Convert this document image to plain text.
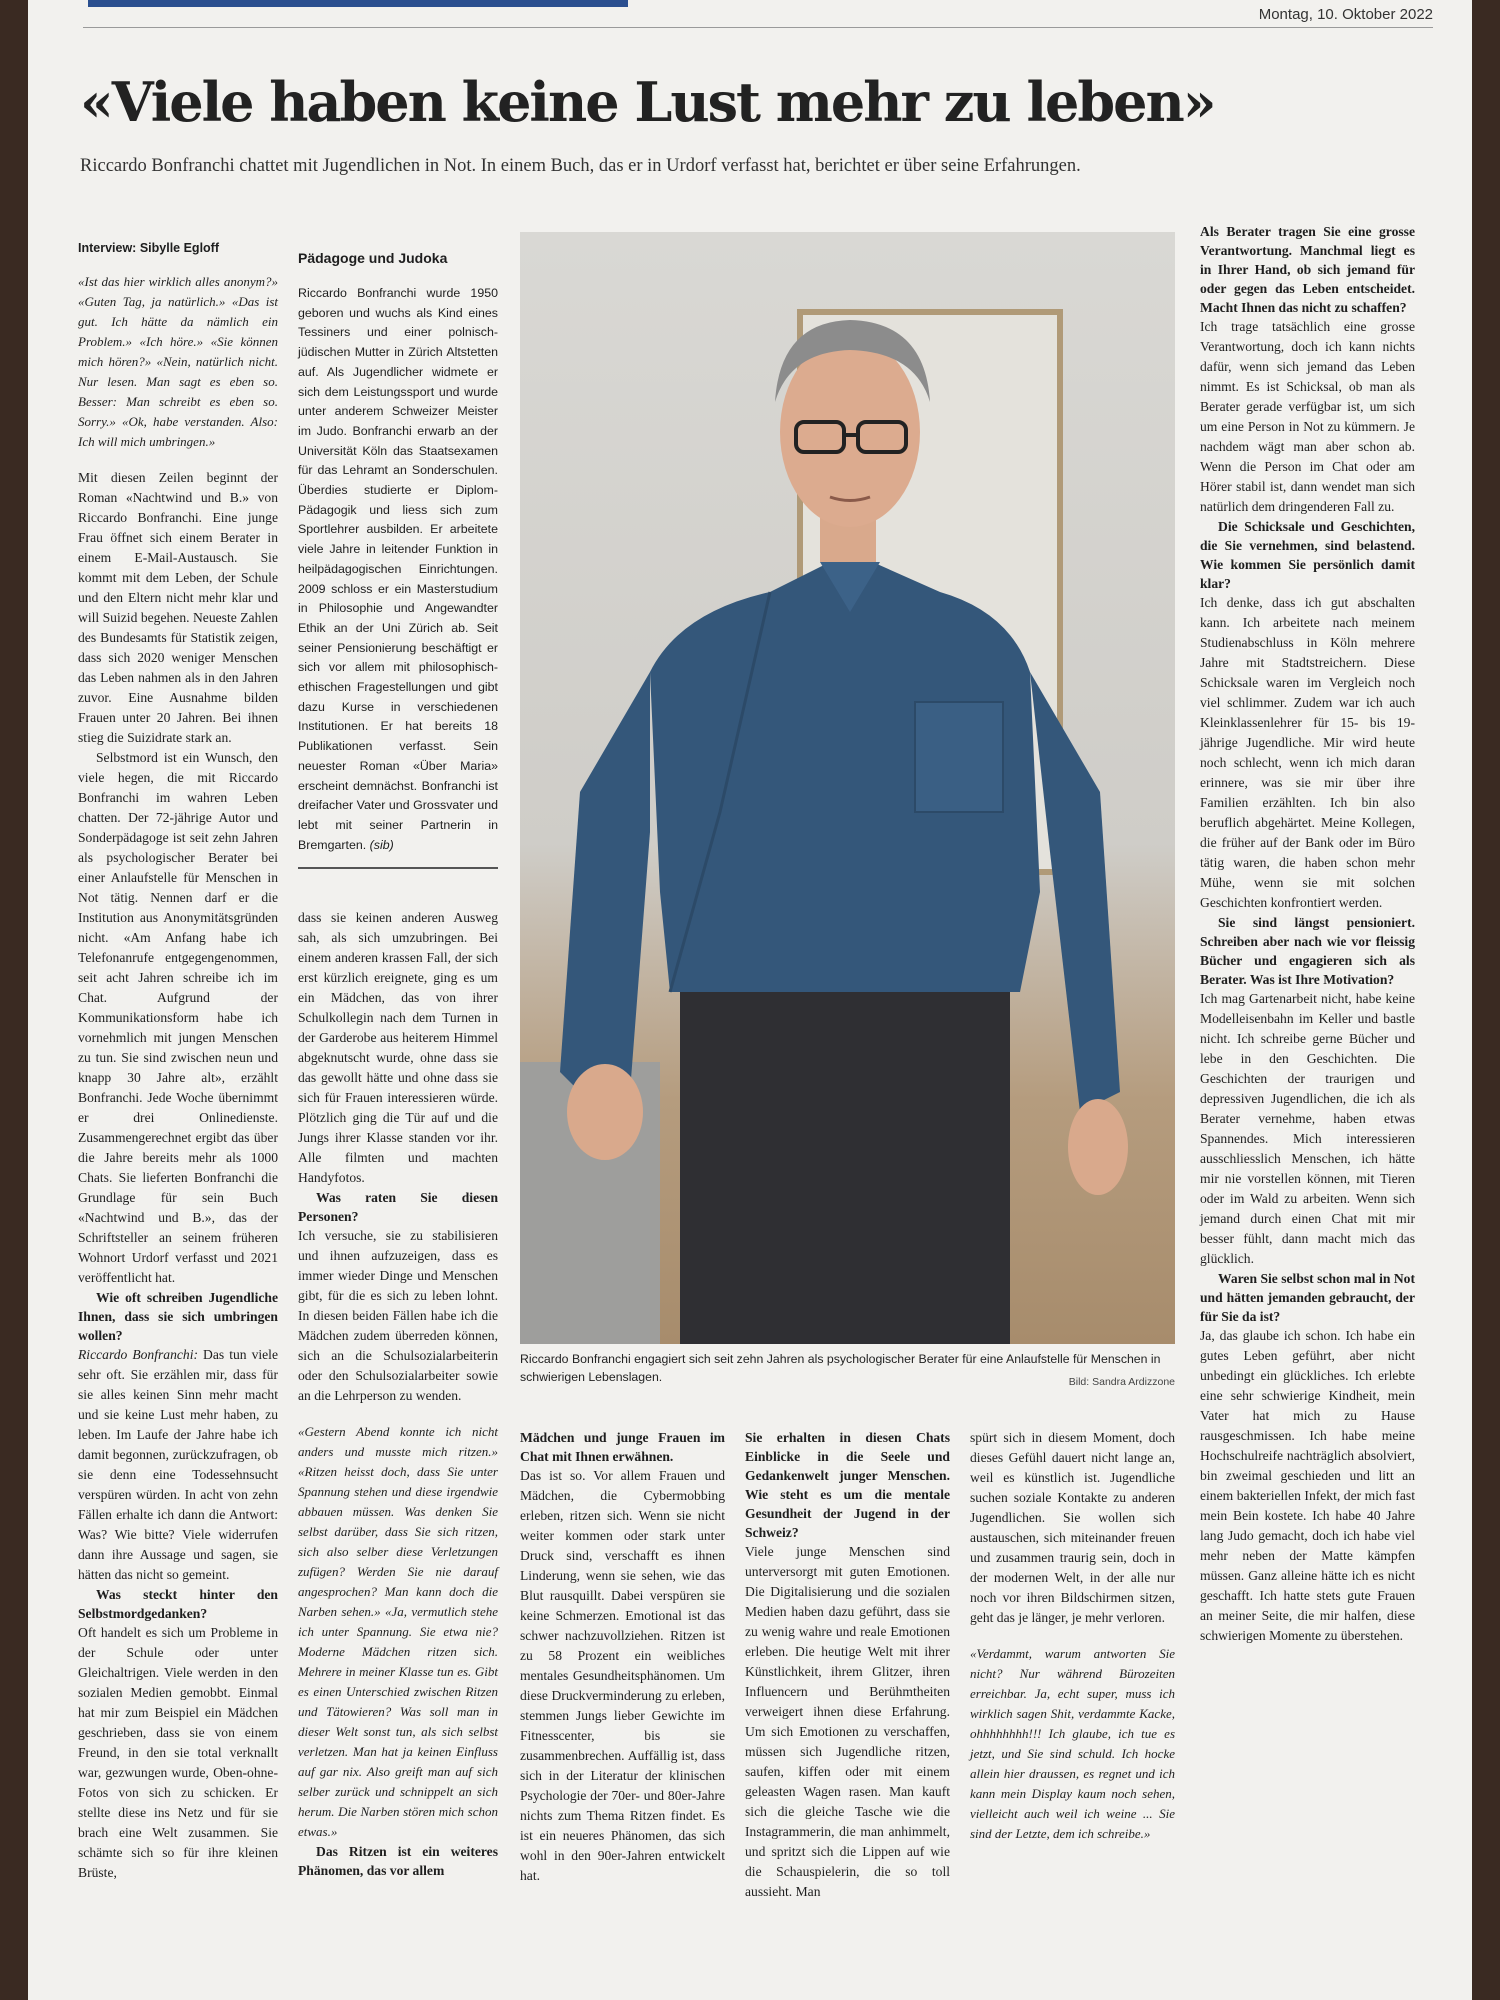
Montag, 10. Oktober 2022
«Viele haben keine Lust mehr zu leben»
Riccardo Bonfranchi chattet mit Jugendlichen in Not. In einem Buch, das er in Urdorf verfasst hat, berichtet er über seine Erfahrungen.
Interview: Sibylle Egloff

«Ist das hier wirklich alles anonym?» «Guten Tag, ja natürlich.» «Das ist gut. Ich hätte da nämlich ein Problem.» «Ich höre.» «Sie können mich hören?» «Nein, natürlich nicht. Nur lesen. Man sagt es eben so. Besser: Man schreibt es eben so. Sorry.» «Ok, habe verstanden. Also: Ich will mich umbringen.»

Mit diesen Zeilen beginnt der Roman «Nachtwind und B.» von Riccardo Bonfranchi. Eine junge Frau öffnet sich einem Berater in einem E-Mail-Austausch. Sie kommt mit dem Leben, der Schule und den Eltern nicht mehr klar und will Suizid begehen. Neueste Zahlen des Bundesamts für Statistik zeigen, dass sich 2020 weniger Menschen das Leben nahmen als in den Jahren zuvor. Eine Ausnahme bilden Frauen unter 20 Jahren. Bei ihnen stieg die Suizidrate stark an.

Selbstmord ist ein Wunsch, den viele hegen, die mit Riccardo Bonfranchi im wahren Leben chatten. Der 72-jährige Autor und Sonderpädagoge ist seit zehn Jahren als psychologischer Berater bei einer Anlaufstelle für Menschen in Not tätig. Nennen darf er die Institution aus Anonymitätsgründen nicht. «Am Anfang habe ich Telefonanrufe entgegengenommen, seit acht Jahren schreibe ich im Chat. Aufgrund der Kommunikationsform habe ich vornehmlich mit jungen Menschen zu tun. Sie sind zwischen neun und knapp 30 Jahre alt», erzählt Bonfranchi. Jede Woche übernimmt er drei Onlinedienste. Zusammengerechnet ergibt das über die Jahre bereits mehr als 1000 Chats. Sie lieferten Bonfranchi die Grundlage für sein Buch «Nachtwind und B.», das der Schriftsteller an seinem früheren Wohnort Urdorf verfasst und 2021 veröffentlicht hat.

Wie oft schreiben Jugendliche Ihnen, dass sie sich umbringen wollen?

Riccardo Bonfranchi: Das tun viele sehr oft. Sie erzählen mir, dass für sie alles keinen Sinn mehr macht und sie keine Lust mehr haben, zu leben. Im Laufe der Jahre habe ich damit begonnen, zurückzufragen, ob sie denn eine Todessehnsucht verspüren würden. In acht von zehn Fällen erhalte ich dann die Antwort: Was? Wie bitte? Viele widerrufen dann ihre Aussage und sagen, sie hätten das nicht so gemeint.

Was steckt hinter den Selbstmordgedanken?

Oft handelt es sich um Probleme in der Schule oder unter Gleichaltrigen. Viele werden in den sozialen Medien gemobbt. Einmal hat mir zum Beispiel ein Mädchen geschrieben, dass sie von einem Freund, in den sie total verknallt war, gezwungen wurde, Oben-ohne-Fotos von sich zu schicken. Er stellte diese ins Netz und für sie brach eine Welt zusammen. Sie schämte sich so für ihre kleinen Brüste,

Pädagoge und Judoka
Riccardo Bonfranchi wurde 1950 geboren und wuchs als Kind eines Tessiners und einer polnisch-jüdischen Mutter in Zürich Altstetten auf. Als Jugendlicher widmete er sich dem Leistungssport und wurde unter anderem Schweizer Meister im Judo. Bonfranchi erwarb an der Universität Köln das Staatsexamen für das Lehramt an Sonderschulen. Überdies studierte er Diplom-Pädagogik und liess sich zum Sportlehrer ausbilden. Er arbeitete viele Jahre in leitender Funktion in heilpädagogischen Einrichtungen. 2009 schloss er ein Masterstudium in Philosophie und Angewandter Ethik an der Uni Zürich ab. Seit seiner Pensionierung beschäftigt er sich vor allem mit philosophisch-ethischen Fragestellungen und gibt dazu Kurse in verschiedenen Institutionen. Er hat bereits 18 Publikationen verfasst. Sein neuester Roman «Über Maria» erscheint demnächst. Bonfranchi ist dreifacher Vater und Grossvater und lebt mit seiner Partnerin in Bremgarten. (sib)

dass sie keinen anderen Ausweg sah, als sich umzubringen. Bei einem anderen krassen Fall, der sich erst kürzlich ereignete, ging es um ein Mädchen, das von ihrer Schulkollegin nach dem Turnen in der Garderobe aus heiterem Himmel abgeknutscht wurde, ohne dass sie das gewollt hätte und ohne dass sie sich für Frauen interessieren würde. Plötzlich ging die Tür auf und die Jungs ihrer Klasse standen vor ihr. Alle filmten und machten Handyfotos.

Was raten Sie diesen Personen?

Ich versuche, sie zu stabilisieren und ihnen aufzuzeigen, dass es immer wieder Dinge und Menschen gibt, für die es sich zu leben lohnt. In diesen beiden Fällen habe ich die Mädchen zudem überreden können, sich an die Schulsozialarbeiterin oder den Schulsozialarbeiter sowie an die Lehrperson zu wenden.

«Gestern Abend konnte ich nicht anders und musste mich ritzen.» «Ritzen heisst doch, dass Sie unter Spannung stehen und diese irgendwie abbauen müssen. Was denken Sie selbst darüber, dass Sie sich ritzen, sich also selber diese Verletzungen zufügen? Werden Sie nie darauf angesprochen? Man kann doch die Narben sehen.» «Ja, vermutlich stehe ich unter Spannung. Sie etwa nie? Moderne Mädchen ritzen sich. Mehrere in meiner Klasse tun es. Gibt es einen Unterschied zwischen Ritzen und Tätowieren? Was soll man in dieser Welt sonst tun, als sich selbst verletzen. Man hat ja keinen Einfluss auf gar nix. Also greift man auf sich selber zurück und schnippelt an sich herum. Die Narben stören mich schon etwas.»

Das Ritzen ist ein weiteres Phänomen, das vor allem

Riccardo Bonfranchi engagiert sich seit zehn Jahren als psychologischer Berater für eine Anlaufstelle für Menschen in schwierigen Lebenslagen.	Bild: Sandra Ardizzone

Mädchen und junge Frauen im Chat mit Ihnen erwähnen.

Das ist so. Vor allem Frauen und Mädchen, die Cybermobbing erleben, ritzen sich. Wenn sie nicht weiter kommen oder stark unter Druck sind, verschafft es ihnen Linderung, wenn sie sehen, wie das Blut rausquillt. Dabei verspüren sie keine Schmerzen. Emotional ist das schwer nachzuvollziehen. Ritzen ist zu 58 Prozent ein weibliches mentales Gesundheitsphänomen. Um diese Druckverminderung zu erleben, stemmen Jungs lieber Gewichte im Fitnesscenter, bis sie zusammenbrechen. Auffällig ist, dass sich in der Literatur der klinischen Psychologie der 70er- und 80er-Jahre nichts zum Thema Ritzen findet. Es ist ein neueres Phänomen, das sich wohl in den 90er-Jahren entwickelt hat.

Sie erhalten in diesen Chats Einblicke in die Seele und Gedankenwelt junger Menschen. Wie steht es um die mentale Gesundheit der Jugend in der Schweiz?

Viele junge Menschen sind unterversorgt mit guten Emotionen. Die Digitalisierung und die sozialen Medien haben dazu geführt, dass sie zu wenig wahre und reale Emotionen erleben. Die heutige Welt mit ihrer Künstlichkeit, ihrem Glitzer, ihren Influencern und Berühmtheiten verweigert ihnen diese Erfahrung. Um sich Emotionen zu verschaffen, müssen sich Jugendliche ritzen, saufen, kiffen oder mit einem geleasten Wagen rasen. Man kauft sich die gleiche Tasche wie die Instagrammerin, die man anhimmelt, und spritzt sich die Lippen auf wie die Schauspielerin, die so toll aussieht. Man

spürt sich in diesem Moment, doch dieses Gefühl dauert nicht lange an, weil es künstlich ist. Jugendliche suchen soziale Kontakte zu anderen Jugendlichen. Sie wollen sich austauschen, sich miteinander freuen und zusammen traurig sein, doch in der modernen Welt, in der alle nur noch vor ihren Bildschirmen sitzen, geht das je länger, je mehr verloren.

«Verdammt, warum antworten Sie nicht? Nur während Bürozeiten erreichbar. Ja, echt super, muss ich wirklich sagen Shit, verdammte Kacke, ohhhhhhhh!!! Ich glaube, ich tue es jetzt, und Sie sind schuld. Ich hocke allein hier draussen, es regnet und ich kann mein Display kaum noch sehen, vielleicht auch weil ich weine ... Sie sind der Letzte, dem ich schreibe.»

Als Berater tragen Sie eine grosse Verantwortung. Manchmal liegt es in Ihrer Hand, ob sich jemand für oder gegen das Leben entscheidet. Macht Ihnen das nicht zu schaffen?

Ich trage tatsächlich eine grosse Verantwortung, doch ich kann nichts dafür, wenn sich jemand das Leben nimmt. Es ist Schicksal, ob man als Berater gerade verfügbar ist, um sich um eine Person in Not zu kümmern. Je nachdem wägt man aber schon ab. Wenn die Person im Chat oder am Hörer stabil ist, dann wendet man sich natürlich dem dringenderen Fall zu.

Die Schicksale und Geschichten, die Sie vernehmen, sind belastend. Wie kommen Sie persönlich damit klar?

Ich denke, dass ich gut abschalten kann. Ich arbeitete nach meinem Studienabschluss in Köln mehrere Jahre mit Stadtstreichern. Diese Schicksale waren im Vergleich noch viel schlimmer. Zudem war ich auch Kleinklassenlehrer für 15- bis 19-jährige Jugendliche. Mir wird heute noch schlecht, wenn ich mich daran erinnere, was sie mir über ihre Familien erzählten. Ich bin also beruflich abgehärtet. Meine Kollegen, die früher auf der Bank oder im Büro tätig waren, die haben schon mehr Mühe, wenn sie mit solchen Geschichten konfrontiert werden.

Sie sind längst pensioniert. Schreiben aber nach wie vor fleissig Bücher und engagieren sich als Berater. Was ist Ihre Motivation?

Ich mag Gartenarbeit nicht, habe keine Modelleisenbahn im Keller und bastle nicht. Ich schreibe gerne Bücher und lebe in den Geschichten. Die Geschichten der traurigen und depressiven Jugendlichen, die ich als Berater vernehme, haben etwas Spannendes. Mich interessieren ausschliesslich Menschen, ich hätte mir nie vorstellen können, mit Tieren oder im Wald zu arbeiten. Wenn sich jemand durch einen Chat mit mir besser fühlt, dann macht mich das glücklich.

Waren Sie selbst schon mal in Not und hätten jemanden gebraucht, der für Sie da ist?

Ja, das glaube ich schon. Ich habe ein gutes Leben geführt, aber nicht unbedingt ein glückliches. Ich erlebte eine sehr schwierige Kindheit, mein Vater hat mich zu Hause rausgeschmissen. Ich habe meine Hochschulreife nachträglich absolviert, bin zweimal geschieden und litt an einem bakteriellen Infekt, der mich fast mein Bein kostete. Ich habe 40 Jahre lang Judo gemacht, doch ich habe viel mehr neben der Matte kämpfen müssen. Ganz alleine hätte ich es nicht geschafft. Ich hatte stets gute Frauen an meiner Seite, die mir halfen, diese schwierigen Momente zu überstehen.
